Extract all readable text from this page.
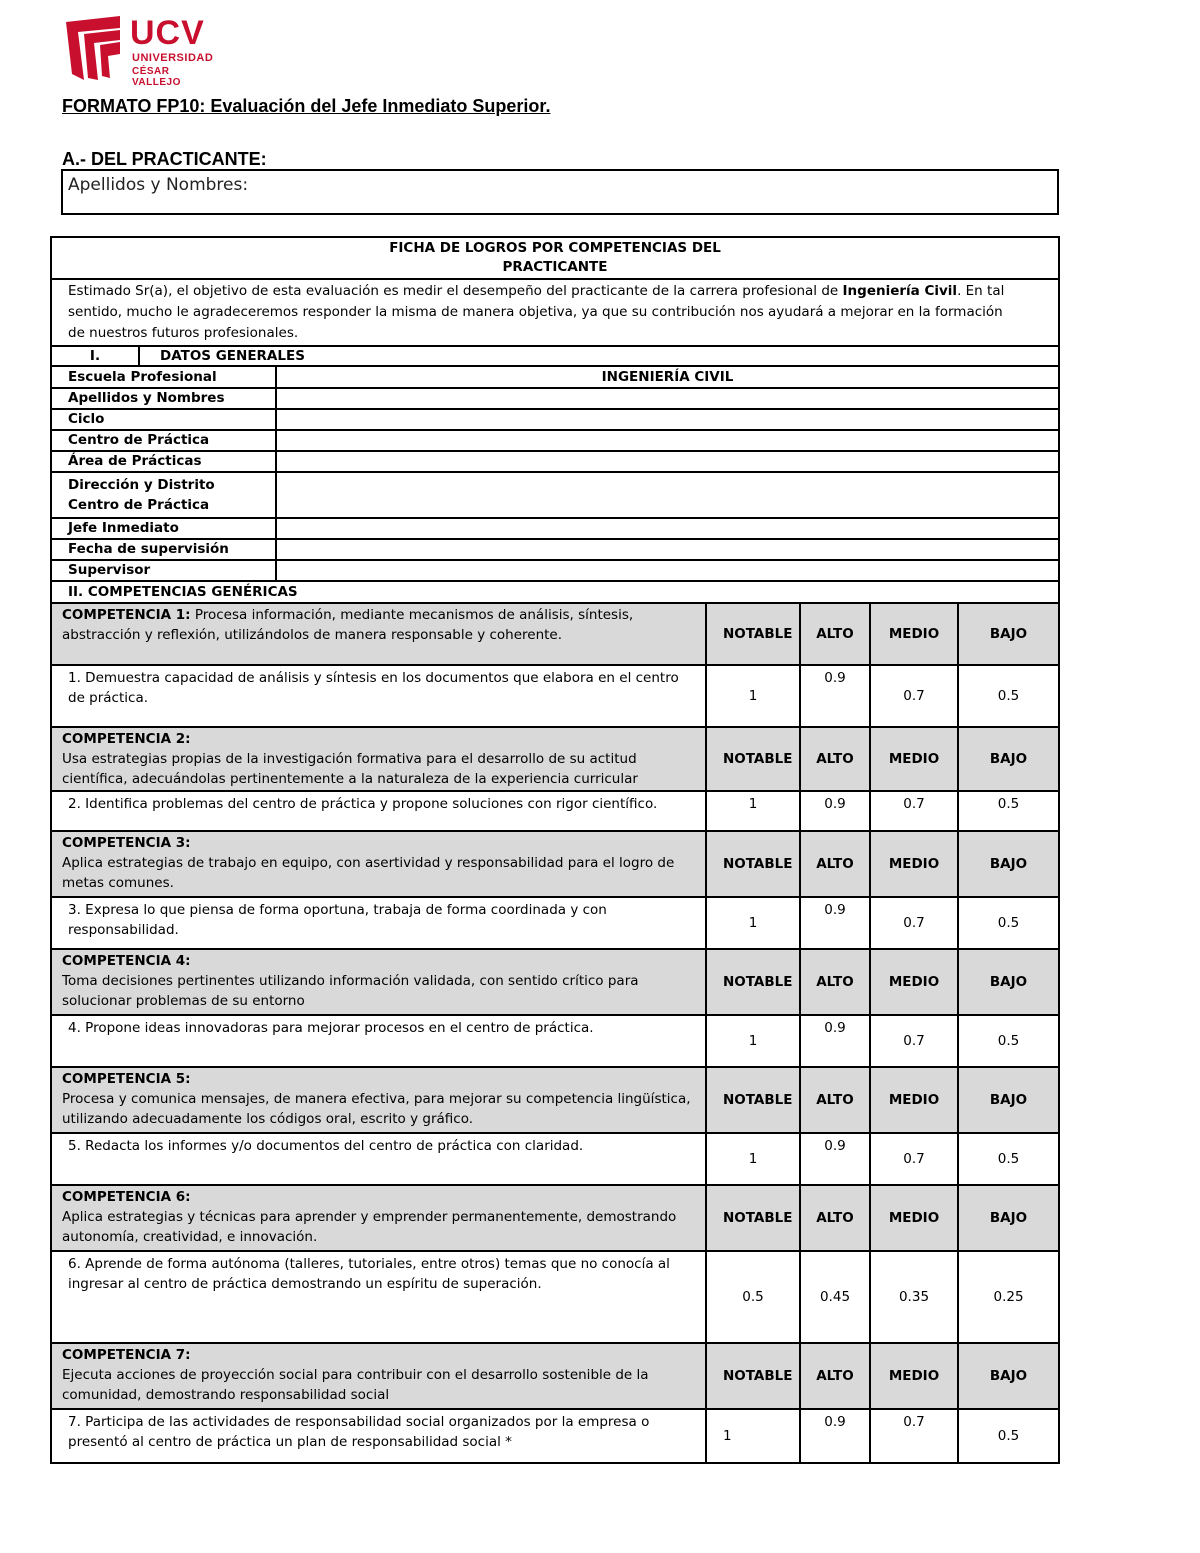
UCV
UNIVERSIDAD
CÉSAR VALLEJO
FORMATO FP10: Evaluación del Jefe Inmediato Superior.
A.- DEL PRACTICANTE:
Apellidos y Nombres:
FICHA DE LOGROS POR COMPETENCIAS DEL
PRACTICANTE						

Estimado Sr(a), el objetivo de esta evaluación es medir el desempeño del practicante de la carrera profesional de Ingeniería Civil. En tal sentido, mucho le agradeceremos responder la misma de manera objetiva, ya que su contribución nos ayudará a mejorar en la formación
de nuestros futuros profesionales.						
I.	DATOS GENERALES					
Escuela Profesional		INGENIERÍA CIVIL				
Apellidos y Nombres						
Ciclo						
Centro de Práctica						
Área de Prácticas						
Dirección y Distrito Centro de Práctica						
Jefe Inmediato						
Fecha de supervisión						
Supervisor						
II. COMPETENCIAS GENÉRICAS						
COMPETENCIA 1: Procesa información, mediante mecanismos de análisis, síntesis, abstracción y reflexión, utilizándolos de manera responsable y coherente.			NOTABLE	ALTO	MEDIO	BAJO
1. Demuestra capacidad de análisis y síntesis en los documentos que elabora en el centro de práctica.			1	0.9	0.7	0.5
COMPETENCIA 2:
Usa estrategias propias de la investigación formativa para el desarrollo de su actitud científica, adecuándolas pertinentemente a la naturaleza de la experiencia curricular			NOTABLE	ALTO	MEDIO	BAJO
2. Identifica problemas del centro de práctica y propone soluciones con rigor científico.			1	0.9	0.7	0.5
COMPETENCIA 3:
Aplica estrategias de trabajo en equipo, con asertividad y responsabilidad para el logro de metas comunes.			NOTABLE	ALTO	MEDIO	BAJO
3. Expresa lo que piensa de forma oportuna, trabaja de forma coordinada y con responsabilidad.			1	0.9	0.7	0.5
COMPETENCIA 4:
Toma decisiones pertinentes utilizando información validada, con sentido crítico para solucionar problemas de su entorno			NOTABLE	ALTO	MEDIO	BAJO
4. Propone ideas innovadoras para mejorar procesos en el centro de práctica.			1	0.9	0.7	0.5
COMPETENCIA 5:
Procesa y comunica mensajes, de manera efectiva, para mejorar su competencia lingüística, utilizando adecuadamente los códigos oral, escrito y gráfico.			NOTABLE	ALTO	MEDIO	BAJO
5. Redacta los informes y/o documentos del centro de práctica con claridad.			1	0.9	0.7	0.5
COMPETENCIA 6:
Aplica estrategias y técnicas para aprender y emprender permanentemente, demostrando autonomía, creatividad, e innovación.			NOTABLE	ALTO	MEDIO	BAJO
6. Aprende de forma autónoma (talleres, tutoriales, entre otros) temas que no conocía al ingresar al centro de práctica demostrando un espíritu de superación.			0.5	0.45	0.35	0.25
COMPETENCIA 7:
Ejecuta acciones de proyección social para contribuir con el desarrollo sostenible de la comunidad, demostrando responsabilidad social			NOTABLE	ALTO	MEDIO	BAJO
7. Participa de las actividades de responsabilidad social organizados por la empresa o presentó al centro de práctica un plan de responsabilidad social *			1	0.9	0.7	0.5
